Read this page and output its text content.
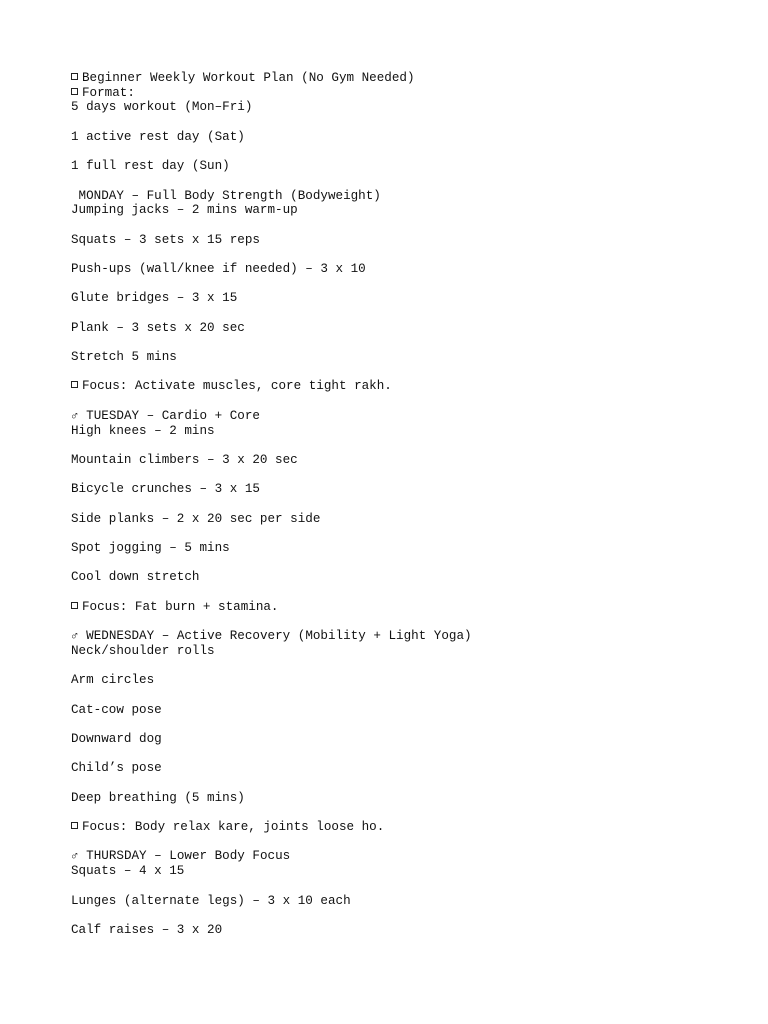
Beginner Weekly Workout Plan (No Gym Needed)
Format:
5 days workout (Mon–Fri)
1 active rest day (Sat)
1 full rest day (Sun)
MONDAY – Full Body Strength (Bodyweight)
Jumping jacks – 2 mins warm-up
Squats – 3 sets x 15 reps
Push-ups (wall/knee if needed) – 3 x 10
Glute bridges – 3 x 15
Plank – 3 sets x 20 sec
Stretch 5 mins
Focus: Activate muscles, core tight rakh.
♂ TUESDAY – Cardio + Core
High knees – 2 mins
Mountain climbers – 3 x 20 sec
Bicycle crunches – 3 x 15
Side planks – 2 x 20 sec per side
Spot jogging – 5 mins
Cool down stretch
Focus: Fat burn + stamina.
♂ WEDNESDAY – Active Recovery (Mobility + Light Yoga)
Neck/shoulder rolls
Arm circles
Cat-cow pose
Downward dog
Child’s pose
Deep breathing (5 mins)
Focus: Body relax kare, joints loose ho.
♂ THURSDAY – Lower Body Focus
Squats – 4 x 15
Lunges (alternate legs) – 3 x 10 each
Calf raises – 3 x 20
